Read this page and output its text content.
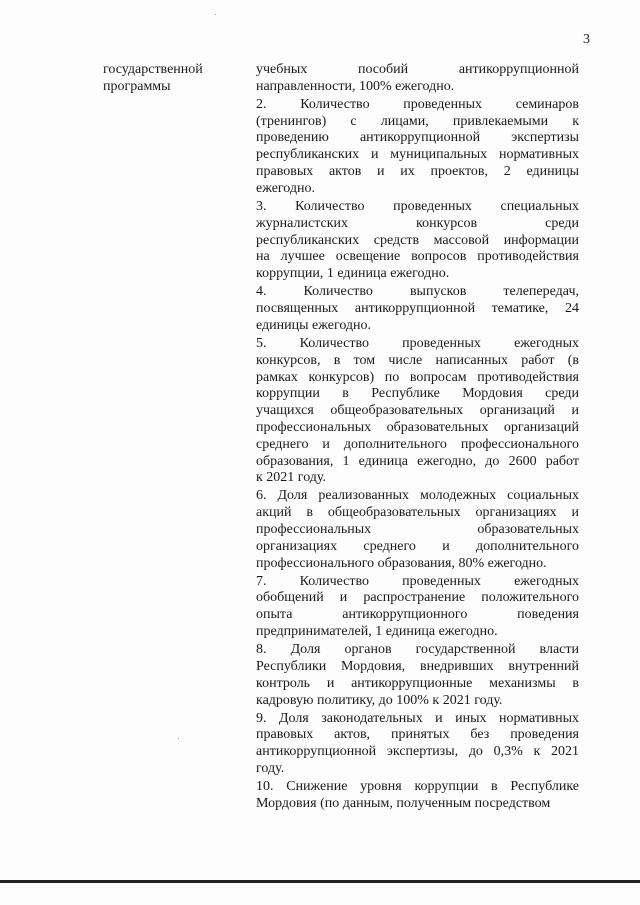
3
государственной
программы
учебных пособий антикоррупционной
направленности, 100% ежегодно.
2. Количество проведенных семинаров
(тренингов) с лицами, привлекаемыми к
проведению антикоррупционной экспертизы
республиканских и муниципальных нормативных
правовых актов и их проектов, 2 единицы
ежегодно.
3. Количество проведенных специальных
журналистских конкурсов среди
республиканских средств массовой информации
на лучшее освещение вопросов противодействия
коррупции, 1 единица ежегодно.
4. Количество выпусков телепередач,
посвященных антикоррупционной тематике, 24
единицы ежегодно.
5. Количество проведенных ежегодных
конкурсов, в том числе написанных работ (в
рамках конкурсов) по вопросам противодействия
коррупции в Республике Мордовия среди
учащихся общеобразовательных организаций и
профессиональных образовательных организаций
среднего и дополнительного профессионального
образования, 1 единица ежегодно, до 2600 работ
к 2021 году.
6. Доля реализованных молодежных социальных
акций в общеобразовательных организациях и
профессиональных образовательных
организациях среднего и дополнительного
профессионального образования, 80% ежегодно.
7. Количество проведенных ежегодных
обобщений и распространение положительного
опыта антикоррупционного поведения
предпринимателей, 1 единица ежегодно.
8. Доля органов государственной власти
Республики Мордовия, внедривших внутренний
контроль и антикоррупционные механизмы в
кадровую политику, до 100% к 2021 году.
9. Доля законодательных и иных нормативных
правовых актов, принятых без проведения
антикоррупционной экспертизы, до 0,3% к 2021
году.
10. Снижение уровня коррупции в Республике
Мордовия (по данным, полученным посредством
